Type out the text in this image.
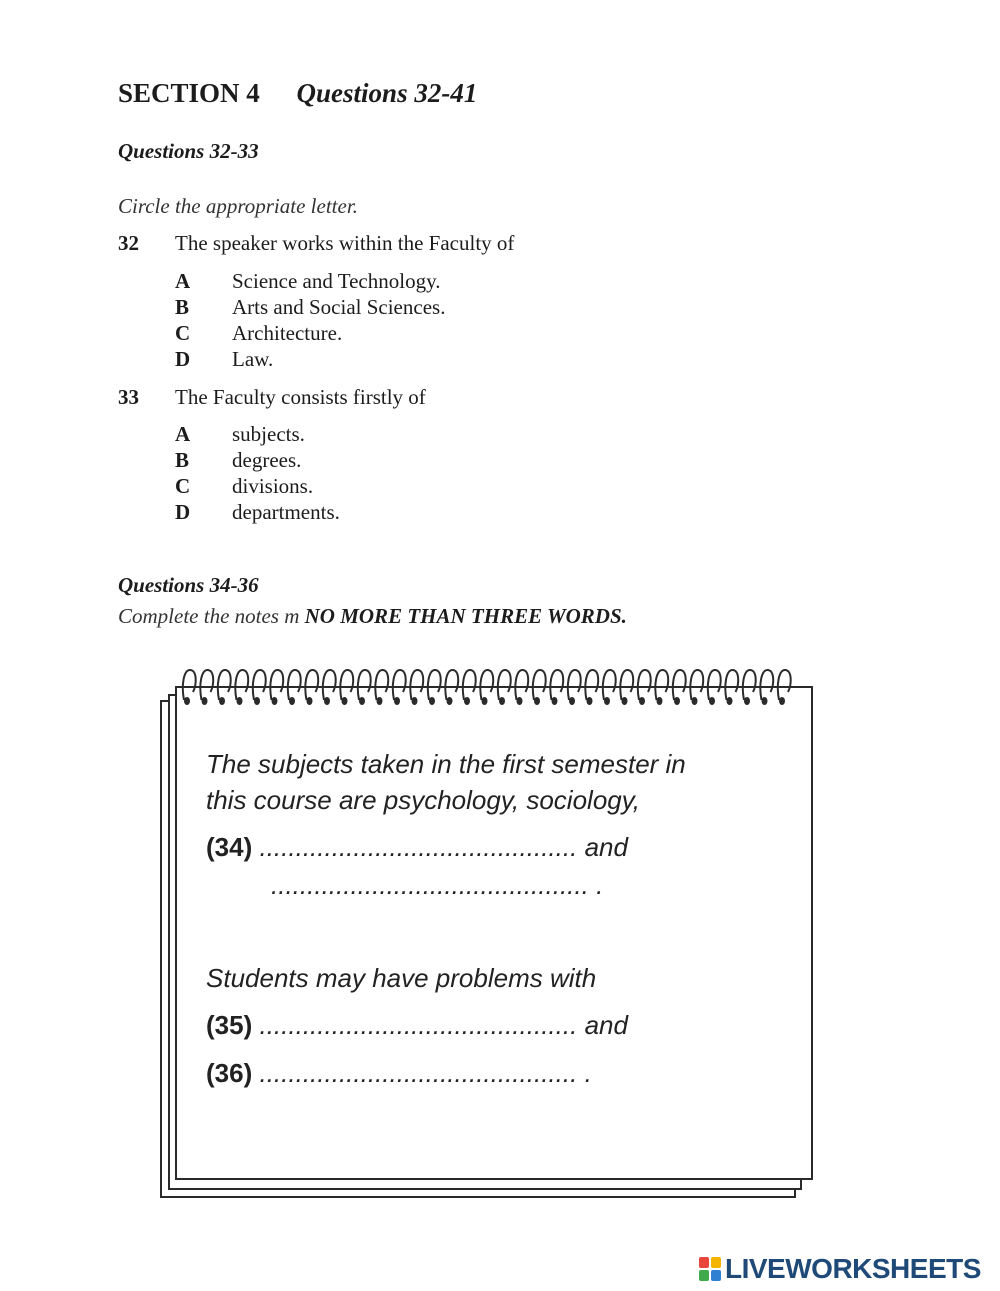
SECTION 4 Questions 32-41
Questions 32-33
Circle the appropriate letter.
32 The speaker works within the Faculty of
A Science and Technology.
B Arts and Social Sciences.
C Architecture.
D Law.
33 The Faculty consists firstly of
A subjects.
B degrees.
C divisions.
D departments.
Questions 34-36
Complete the notes m NO MORE THAN THREE WORDS.
The subjects taken in the first semester in
this course are psychology, sociology,
(34) ............................................ and
............................................ .
Students may have problems with
(35) ............................................ and
(36) ............................................ .
LIVEWORKSHEETS
